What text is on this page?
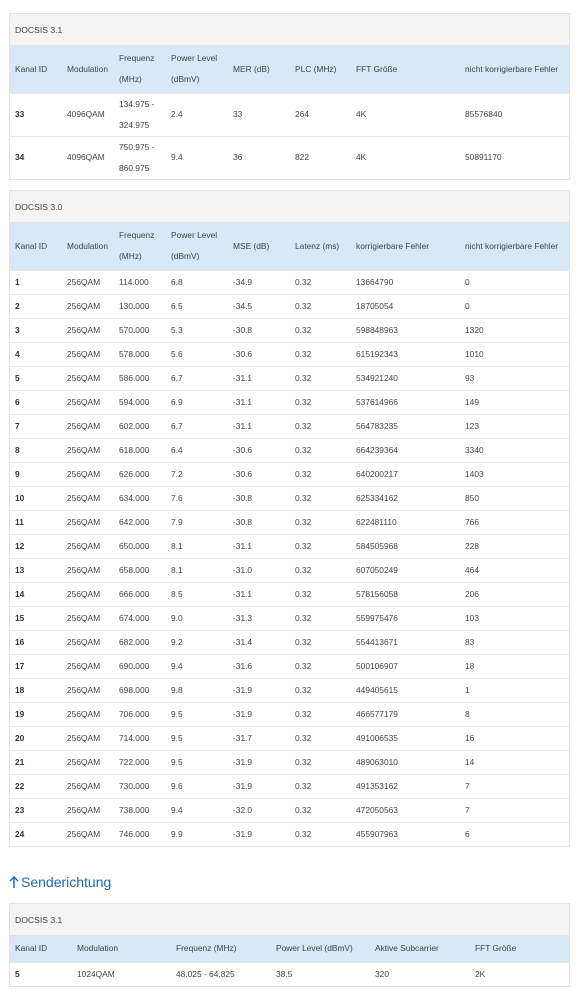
DOCSIS 3.1
Kanal ID	Modulation	Frequenz (MHz)	Power Level (dBmV)	MER (dB)	PLC (MHz)	FFT Größe	nicht korrigierbare Fehler
33	4096QAM	134.975 - 324.975	2.4	33	264	4K	85576840
34	4096QAM	750.975 - 860.975	9.4	36	822	4K	50891170
DOCSIS 3.0
Kanal ID	Modulation	Frequenz (MHz)	Power Level (dBmV)	MSE (dB)	Latenz (ms)	korrigierbare Fehler	nicht korrigierbare Fehler
1	256QAM	114.000	6.8	-34.9	0.32	13664790	0
2	256QAM	130.000	6.5	-34.5	0.32	18705054	0
3	256QAM	570.000	5.3	-30.8	0.32	598848963	1320
4	256QAM	578.000	5.6	-30.6	0.32	615192343	1010
5	256QAM	586.000	6.7	-31.1	0.32	534921240	93
6	256QAM	594.000	6.9	-31.1	0.32	537614966	149
7	256QAM	602.000	6.7	-31.1	0.32	564783235	123
8	256QAM	618.000	6.4	-30.6	0.32	664239364	3340
9	256QAM	626.000	7.2	-30.6	0.32	640200217	1403
10	256QAM	634.000	7.6	-30.8	0.32	625334162	850
11	256QAM	642.000	7.9	-30.8	0.32	622481110	766
12	256QAM	650.000	8.1	-31.1	0.32	584505968	228
13	256QAM	658.000	8.1	-31.0	0.32	607050249	464
14	256QAM	666.000	8.5	-31.1	0.32	578156058	206
15	256QAM	674.000	9.0	-31.3	0.32	559975476	103
16	256QAM	682.000	9.2	-31.4	0.32	554413671	83
17	256QAM	690.000	9.4	-31.6	0.32	500106907	18
18	256QAM	698.000	9.8	-31.9	0.32	449405615	1
19	256QAM	706.000	9.5	-31.9	0.32	466577179	8
20	256QAM	714.000	9.5	-31.7	0.32	491006535	16
21	256QAM	722.000	9.5	-31.9	0.32	489063010	14
22	256QAM	730.000	9.6	-31.9	0.32	491353162	7
23	256QAM	738.000	9.4	-32.0	0.32	472050563	7
24	256QAM	746.000	9.9	-31.9	0.32	455907963	6
Senderichtung
DOCSIS 3.1
Kanal ID	Modulation	Frequenz (MHz)	Power Level (dBmV)	Aktive Subcarrier	FFT Größe
5	1024QAM	48.025 - 64.825	38.5	320	2K
